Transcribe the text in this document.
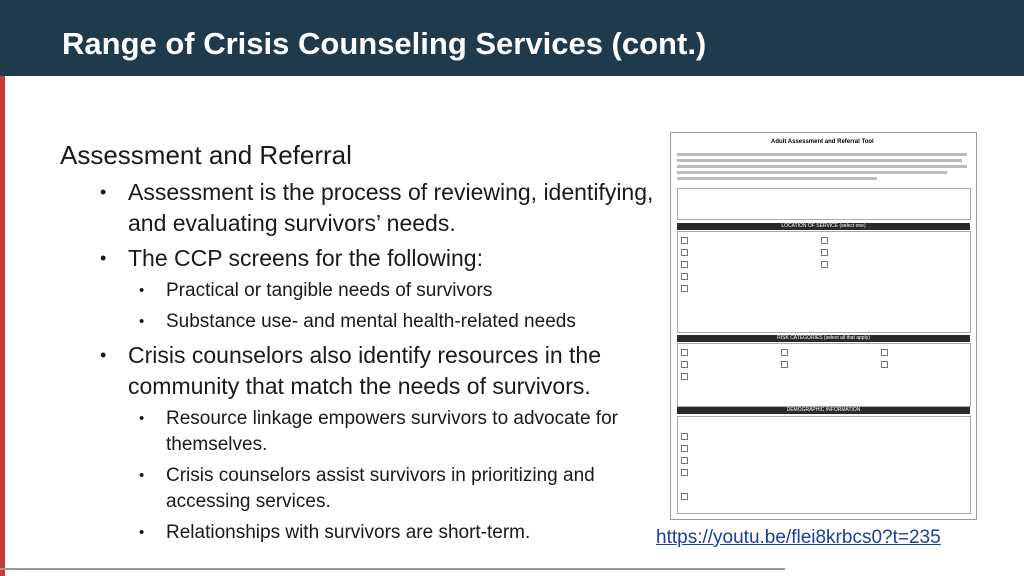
Range of Crisis Counseling Services (cont.)
Assessment and Referral
• Assessment is the process of reviewing, identifying, and evaluating survivors’ needs.
• The CCP screens for the following:
• Practical or tangible needs of survivors
• Substance use- and mental health-related needs
• Crisis counselors also identify resources in the community that match the needs of survivors.
• Resource linkage empowers survivors to advocate for themselves.
• Crisis counselors assist survivors in prioritizing and accessing services.
• Relationships with survivors are short-term.
Adult Assessment and Referral Tool
LOCATION OF SERVICE (select one)
RISK CATEGORIES (select all that apply)
DEMOGRAPHIC INFORMATION
https://youtu.be/flei8krbcs0?t=235
